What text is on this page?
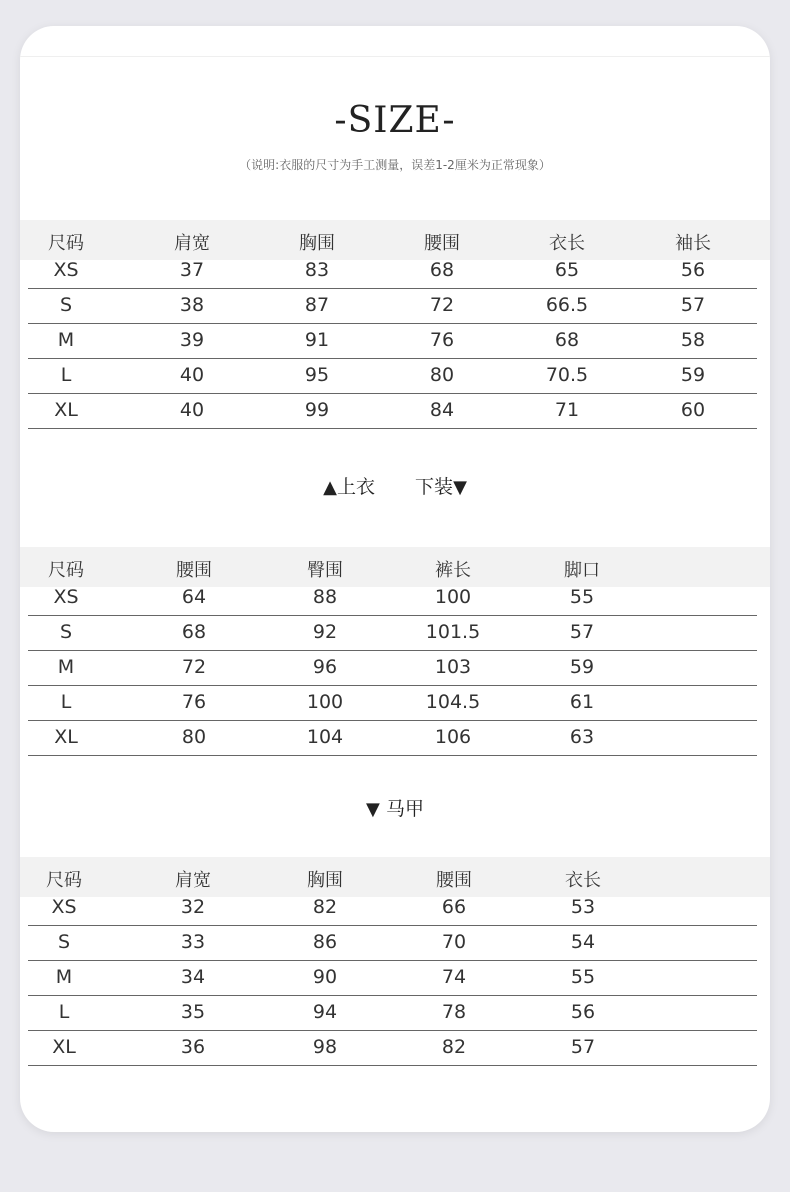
-SIZE-
（说明:衣服的尺寸为手工测量，误差1-2厘米为正常现象）
尺码	肩宽	胸围	腰围	衣长	袖长
XS	37	83	68	65	56
S	38	87	72	66.5	57
M	39	91	76	68	58
L	40	95	80	70.5	59
XL	40	99	84	71	60
▲上衣 下装▼
尺码	腰围	臀围	裤长	脚口
XS	64	88	100	55
S	68	92	101.5	57
M	72	96	103	59
L	76	100	104.5	61
XL	80	104	106	63
▼ 马甲
尺码	肩宽	胸围	腰围	衣长
XS	32	82	66	53
S	33	86	70	54
M	34	90	74	55
L	35	94	78	56
XL	36	98	82	57
